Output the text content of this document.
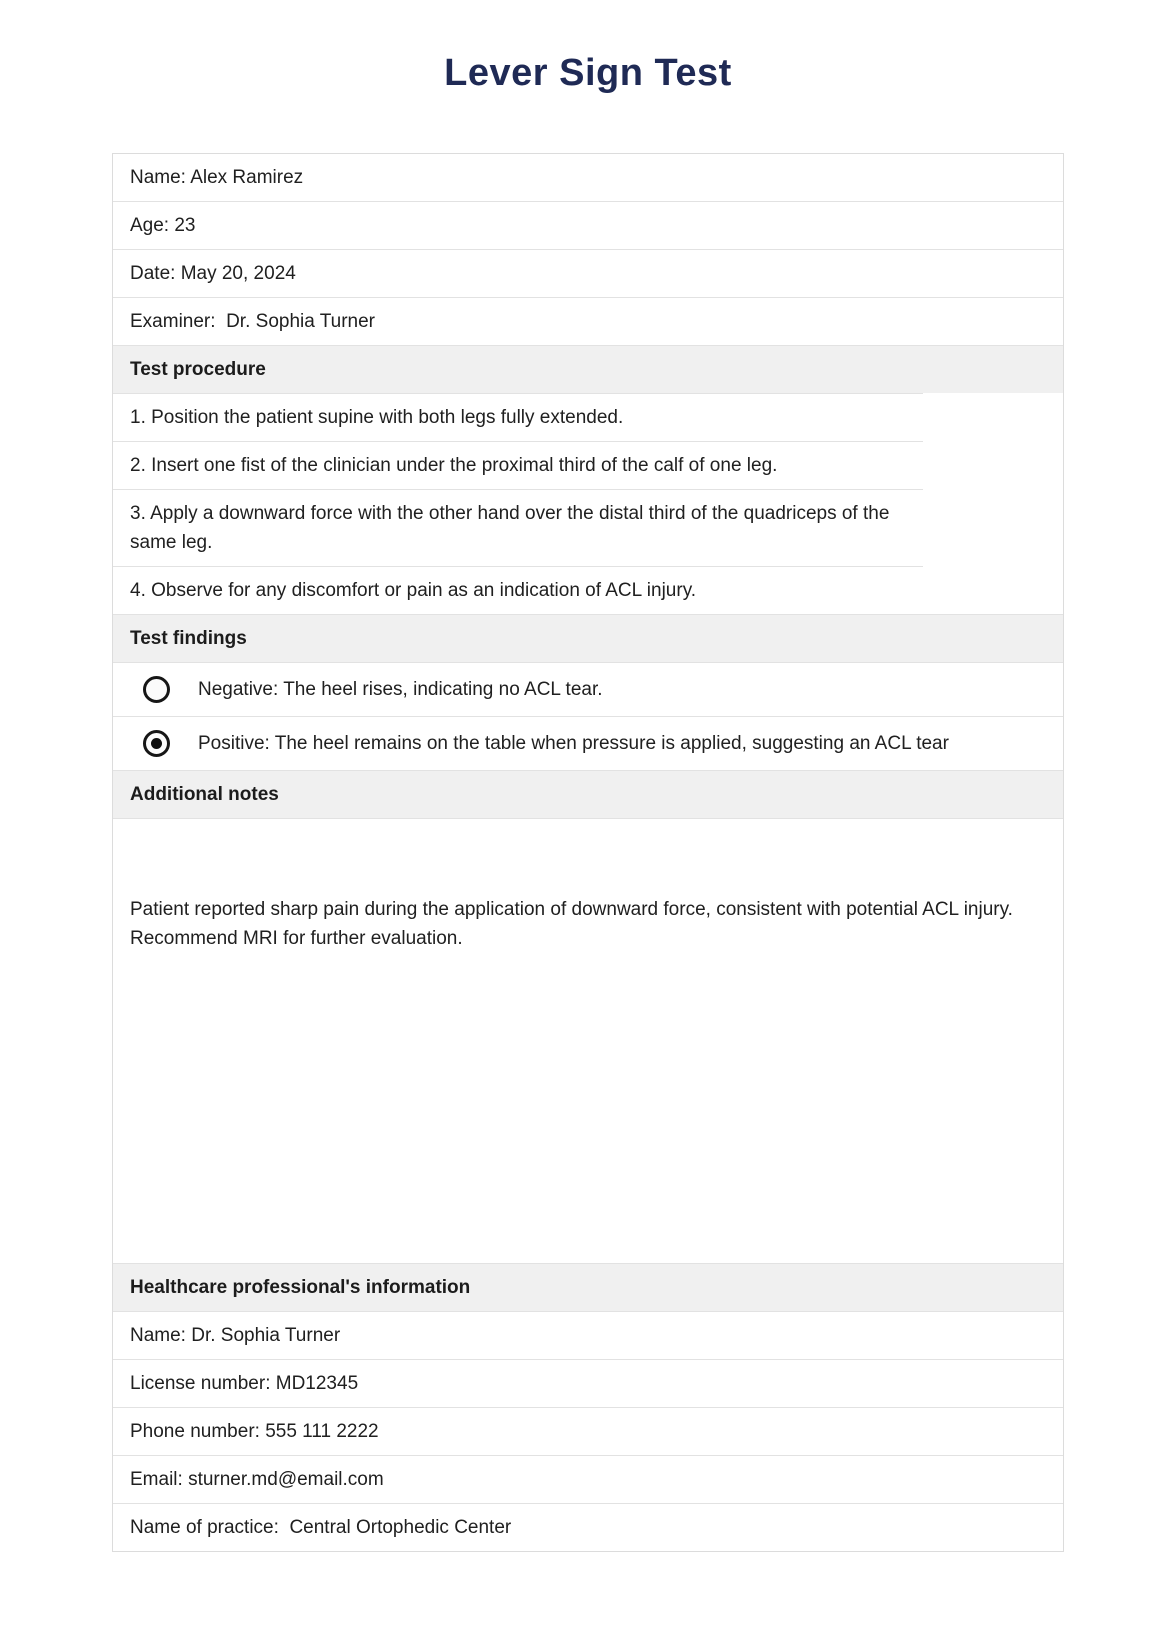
Lever Sign Test
Name: Alex Ramirez
Age: 23
Date: May 20, 2024
Examiner:  Dr. Sophia Turner
Test procedure
1. Position the patient supine with both legs fully extended.
2. Insert one fist of the clinician under the proximal third of the calf of one leg.
3. Apply a downward force with the other hand over the distal third of the quadriceps of the same leg.
4. Observe for any discomfort or pain as an indication of ACL injury.
Test findings

Negative: The heel rises, indicating no ACL tear.

Positive: The heel remains on the table when pressure is applied, suggesting an ACL tear
Additional notes

Patient reported sharp pain during the application of downward force, consistent with potential ACL injury. Recommend MRI for further evaluation.

Healthcare professional's information
Name: Dr. Sophia Turner
License number: MD12345
Phone number: 555 111 2222
Email: sturner.md@email.com
Name of practice:  Central Ortophedic Center
